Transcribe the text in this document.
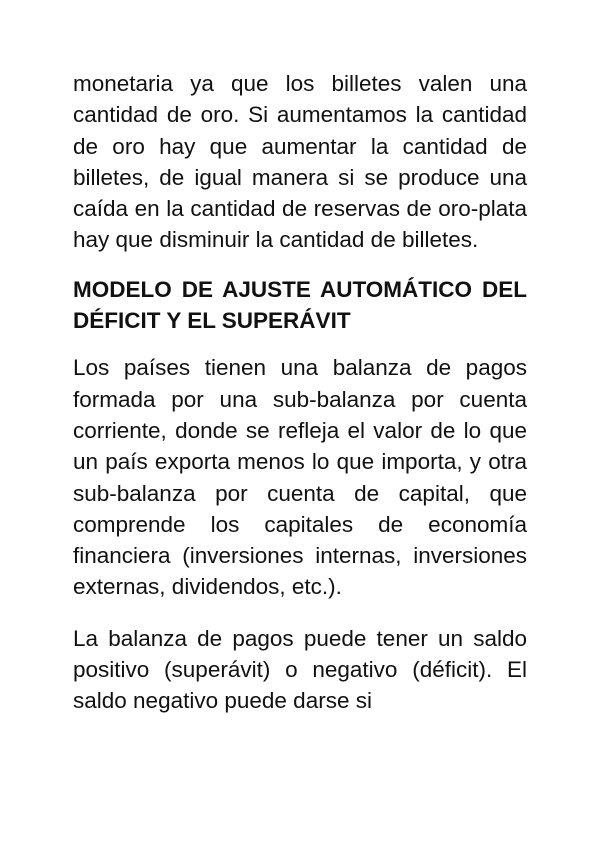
monetaria ya que los billetes valen una cantidad de oro. Si aumentamos la cantidad de oro hay que aumentar la cantidad de billetes, de igual manera si se produce una caída en la cantidad de reservas de oro-plata hay que disminuir la cantidad de billetes.

MODELO DE AJUSTE AUTOMÁTICO DEL DÉFICIT Y EL SUPERÁVIT

Los países tienen una balanza de pagos formada por una sub-balanza por cuenta corriente, donde se refleja el valor de lo que un país exporta menos lo que importa, y otra sub-balanza por cuenta de capital, que comprende los capitales de economía financiera (inversiones internas, inversiones externas, dividendos, etc.).

La balanza de pagos puede tener un saldo positivo (superávit) o negativo (déficit). El saldo negativo puede darse si
